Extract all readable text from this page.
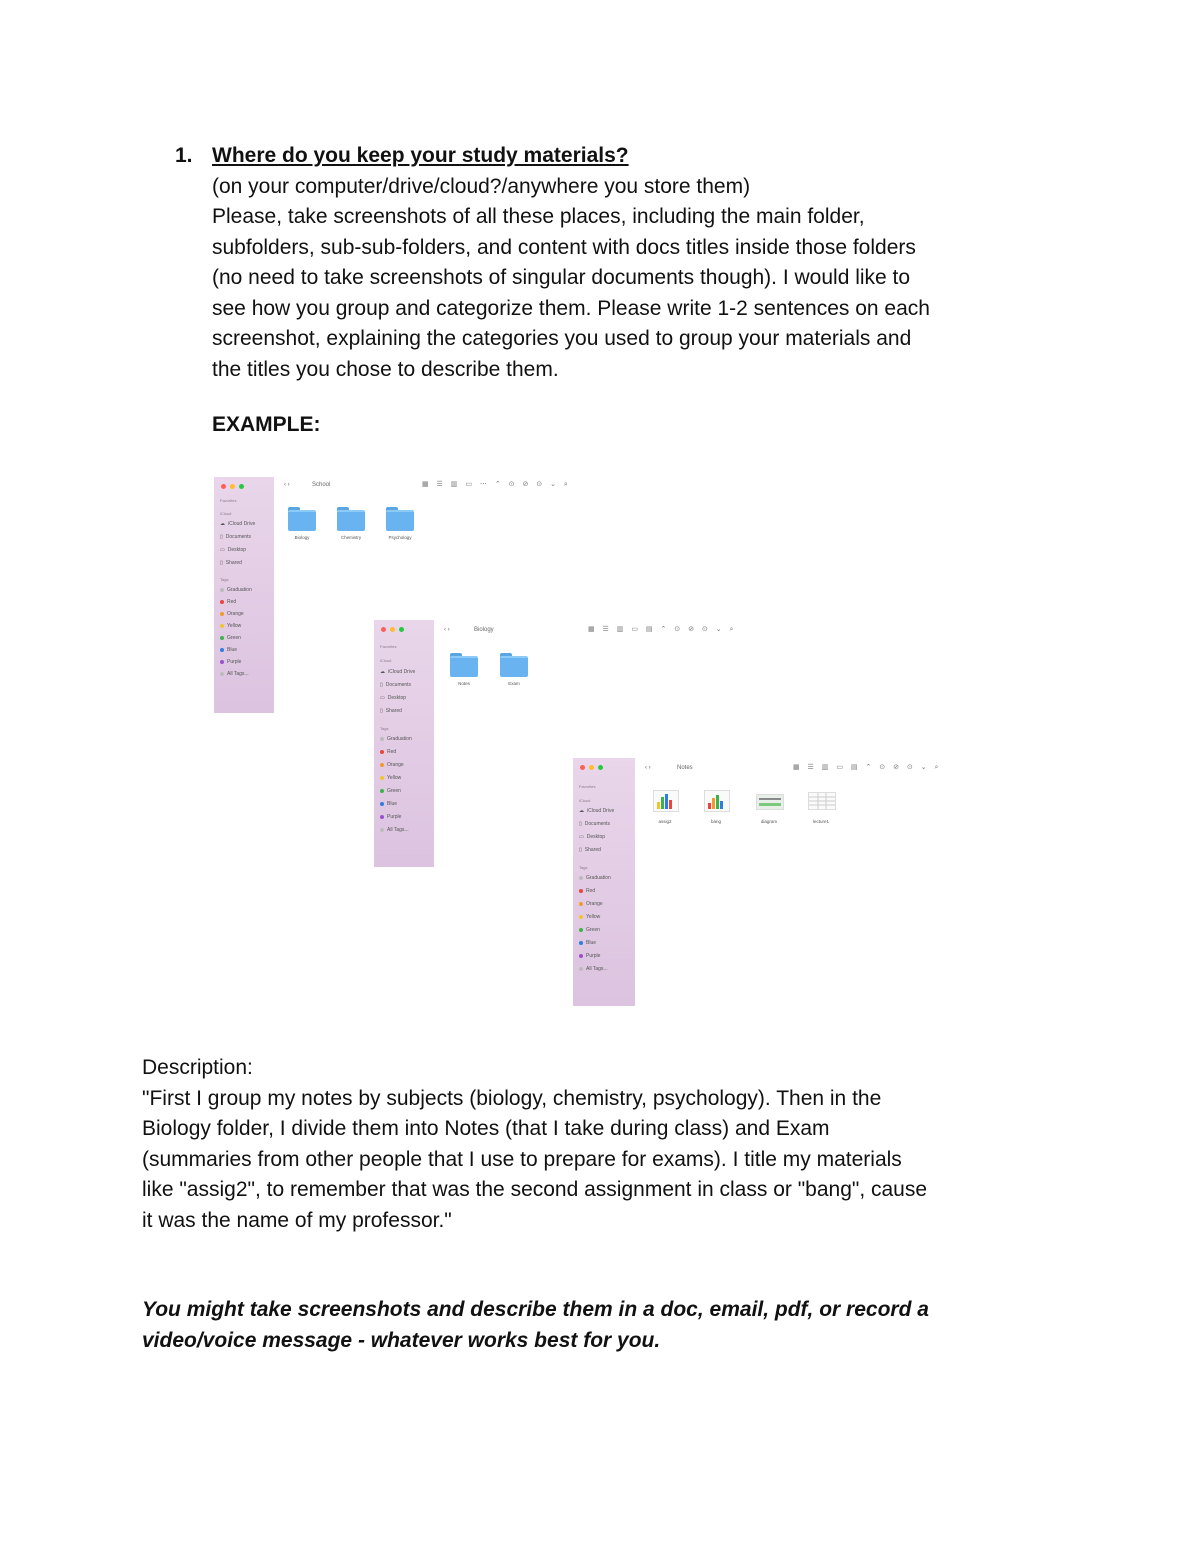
1. Where do you keep your study materials?
(on your computer/drive/cloud?/anywhere you store them)
Please, take screenshots of all these places, including the main folder,
subfolders, sub-sub-folders, and content with docs titles inside those folders
(no need to take screenshots of singular documents though). I would like to
see how you group and categorize them. Please write 1-2 sentences on each
screenshot, explaining the categories you used to group your materials and
the titles you chose to describe them.
EXAMPLE:
Favorites
iCloud
☁ iCloud Drive
▯ Documents
▭ Desktop
▯ Shared
Tags
Graduation
Red
Orange
Yellow
Green
Blue
Purple
All Tags...
‹ ›	School	▦ ☰ ▥ ▭ ⋯ ⌃ ⊙ ⊘ ⊙ ⌄ ⌕
Biology	Chemistry	Psychology
Favorites
iCloud
☁ iCloud Drive
▯ Documents
▭ Desktop
▯ Shared
Tags
Graduation
Red
Orange
Yellow
Green
Blue
Purple
All Tags...
‹ ›	Biology	▦ ☰ ▥ ▭ ▤ ⌃ ⊙ ⊘ ⊙ ⌄ ⌕
Notes	Exam
Favorites
iCloud
☁ iCloud Drive
▯ Documents
▭ Desktop
▯ Shared
Tags
Graduation
Red
Orange
Yellow
Green
Blue
Purple
All Tags...
‹ ›	Notes	▦ ☰ ▥ ▭ ▤ ⌃ ⊙ ⊘ ⊙ ⌄ ⌕
assig2	bang	diagram	lecture1
Description:
"First I group my notes by subjects (biology, chemistry, psychology). Then in the
Biology folder, I divide them into Notes (that I take during class) and Exam
(summaries from other people that I use to prepare for exams). I title my materials
like "assig2", to remember that was the second assignment in class or "bang", cause
it was the name of my professor."
You might take screenshots and describe them in a doc, email, pdf, or record a
video/voice message - whatever works best for you.
